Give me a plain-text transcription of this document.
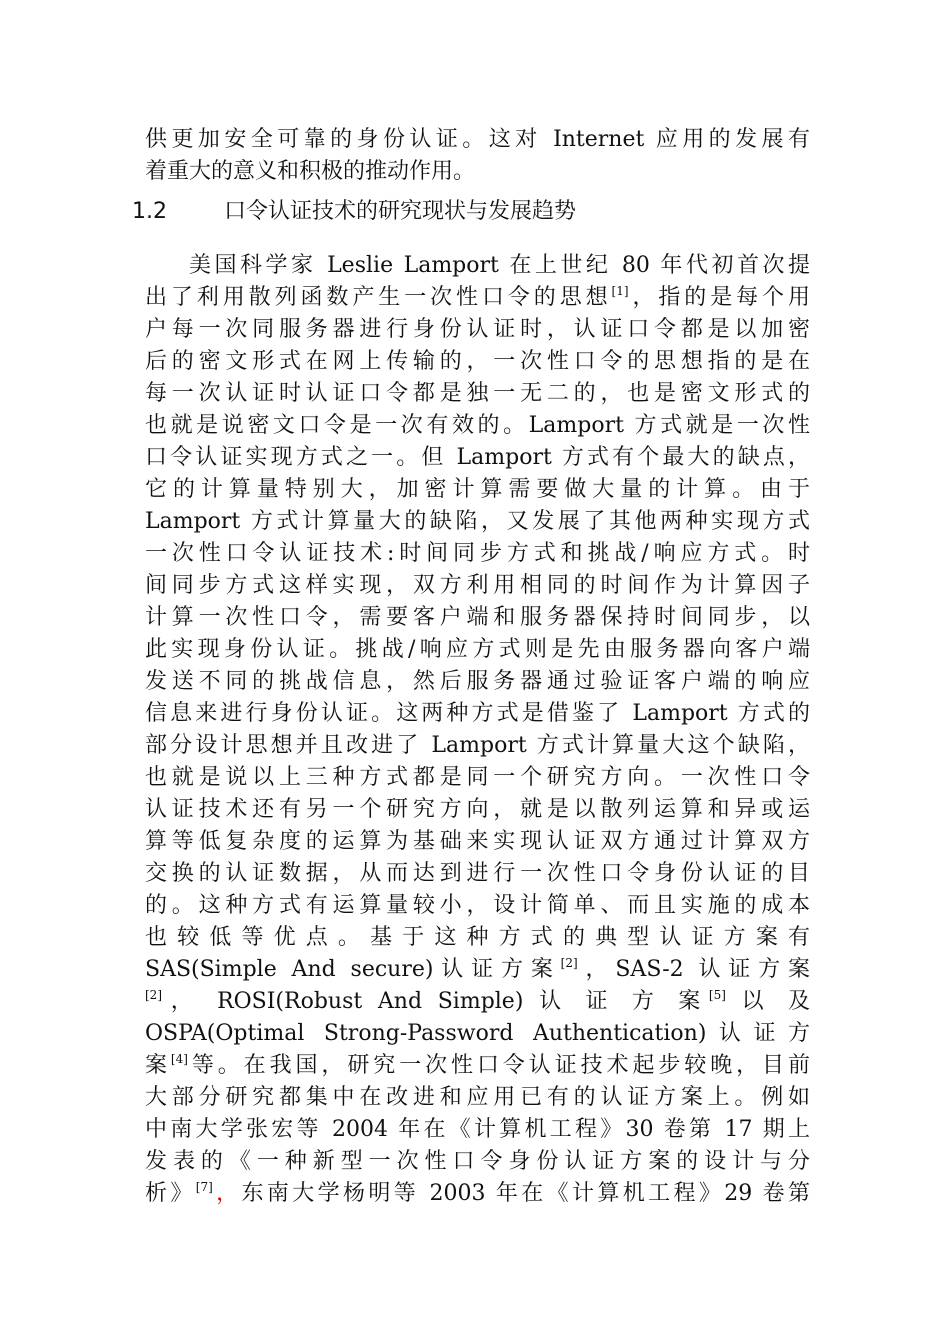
供更加安全可靠的身份认证。这对 Internet 应用的发展有
着重大的意义和积极的推动作用。
1.2	口令认证技术的研究现状与发展趋势
美国科学家 Leslie Lamport 在上世纪 80 年代初首次提
出了利用散列函数产生一次性口令的思想[1]，指的是每个用
户每一次同服务器进行身份认证时，认证口令都是以加密
后的密文形式在网上传输的，一次性口令的思想指的是在
每一次认证时认证口令都是独一无二的，也是密文形式的
也就是说密文口令是一次有效的。Lamport 方式就是一次性
口令认证实现方式之一。但 Lamport 方式有个最大的缺点，
它的计算量特别大，加密计算需要做大量的计算。由于
Lamport 方式计算量大的缺陷，又发展了其他两种实现方式
一次性口令认证技术:时间同步方式和挑战/响应方式。时
间同步方式这样实现，双方利用相同的时间作为计算因子
计算一次性口令，需要客户端和服务器保持时间同步，以
此实现身份认证。挑战/响应方式则是先由服务器向客户端
发送不同的挑战信息，然后服务器通过验证客户端的响应
信息来进行身份认证。这两种方式是借鉴了 Lamport 方式的
部分设计思想并且改进了 Lamport 方式计算量大这个缺陷，
也就是说以上三种方式都是同一个研究方向。一次性口令
认证技术还有另一个研究方向，就是以散列运算和异或运
算等低复杂度的运算为基础来实现认证双方通过计算双方
交换的认证数据，从而达到进行一次性口令身份认证的目
的。这种方式有运算量较小，设计简单、而且实施的成本
也较低等优点。基于这种方式的典型认证方案有
SAS(Simple And secure)认证方案[2]，SAS-2 认证方案
[2]， ROSI(Robust And Simple) 认 证 方 案[5] 以 及
OSPA(Optimal Strong-Password Authentication)认证方
案[4]等。在我国，研究一次性口令认证技术起步较晚，目前
大部分研究都集中在改进和应用已有的认证方案上。例如
中南大学张宏等 2004 年在《计算机工程》30 卷第 17 期上
发表的《一种新型一次性口令身份认证方案的设计与分
析》[7]，东南大学杨明等 2003 年在《计算机工程》29 卷第
